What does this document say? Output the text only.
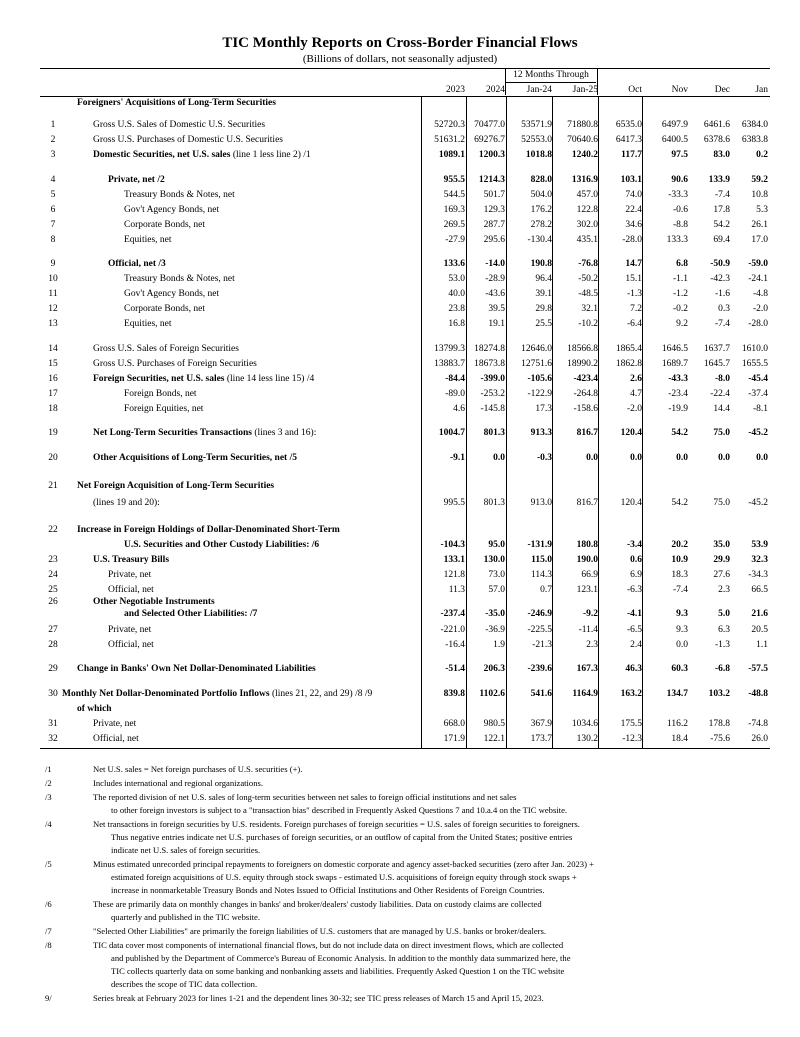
TIC Monthly Reports on Cross-Border Financial Flows
(Billions of dollars, not seasonally adjusted)
12 Months Through
2023	2024	Jan-24	Jan-25	Oct	Nov	Dec	Jan
Foreigners' Acquisitions of Long-Term Securities
1	Gross U.S. Sales of Domestic U.S. Securities	52720.3 70477.0	53571.9	71880.8	6535.0	6497.9	6461.6	6384.0
2	Gross U.S. Purchases of Domestic U.S. Securities	51631.2 69276.7	52553.0	70640.6	6417.3	6400.5	6378.6	6383.8
3	Domestic Securities, net U.S. sales (line 1 less line 2) /1	1089.1	1200.3	1018.8	1240.2	117.7	97.5	83.0	0.2
4	Private, net /2	955.5	1214.3	828.0	1316.9	103.1	90.6	133.9	59.2
5	Treasury Bonds & Notes, net	544.5	501.7	504.0	457.0	74.0	-33.3	-7.4	10.8
6	Gov't Agency Bonds, net	169.3	129.3	176.2	122.8	22.4	-0.6	17.8	5.3
7	Corporate Bonds, net	269.5	287.7	278.2	302.0	34.6	-8.8	54.2	26.1
8	Equities, net	-27.9	295.6	-130.4	435.1	-28.0	133.3	69.4	17.0
9	Official, net /3	133.6	-14.0	190.8	-76.8	14.7	6.8	-50.9	-59.0
10	Treasury Bonds & Notes, net	53.0	-28.9	96.4	-50.2	15.1	-1.1	-42.3	-24.1
11	Gov't Agency Bonds, net	40.0	-43.6	39.1	-48.5	-1.3	-1.2	-1.6	-4.8
12	Corporate Bonds, net	23.8	39.5	29.8	32.1	7.2	-0.2	0.3	-2.0
13	Equities, net	16.8	19.1	25.5	-10.2	-6.4	9.2	-7.4	-28.0
14	Gross U.S. Sales of Foreign Securities	13799.3 18274.8	12646.0	18566.8	1865.4	1646.5	1637.7	1610.0
15	Gross U.S. Purchases of Foreign Securities	13883.7 18673.8	12751.6	18990.2	1862.8	1689.7	1645.7	1655.5
16	Foreign Securities, net U.S. sales (line 14 less line 15) /4	-84.4	-399.0	-105.6	-423.4	2.6	-43.3	-8.0	-45.4
17	Foreign Bonds, net	-89.0	-253.2	-122.9	-264.8	4.7	-23.4	-22.4	-37.4
18	Foreign Equities, net	4.6	-145.8	17.3	-158.6	-2.0	-19.9	14.4	-8.1
19	Net Long-Term Securities Transactions (lines 3 and 16):	1004.7	801.3	913.3	816.7	120.4	54.2	75.0	-45.2
20	Other Acquisitions of Long-Term Securities, net /5	-9.1	0.0	-0.3	0.0	0.0	0.0	0.0	0.0
21	Net Foreign Acquisition of Long-Term Securities
(lines 19 and 20):	995.5	801.3	913.0	816.7	120.4	54.2	75.0	-45.2
22	Increase in Foreign Holdings of Dollar-Denominated Short-Term
U.S. Securities and Other Custody Liabilities: /6	-104.3	95.0	-131.9	180.8	-3.4	20.2	35.0	53.9
23	U.S. Treasury Bills	133.1	130.0	115.0	190.0	0.6	10.9	29.9	32.3
24	Private, net	121.8	73.0	114.3	66.9	6.9	18.3	27.6	-34.3
25	Official, net	11.3	57.0	0.7	123.1	-6.3	-7.4	2.3	66.5
26	Other Negotiable Instruments
and Selected Other Liabilities: /7	-237.4	-35.0	-246.9	-9.2	-4.1	9.3	5.0	21.6
27	Private, net	-221.0	-36.9	-225.5	-11.4	-6.5	9.3	6.3	20.5
28	Official, net	-16.4	1.9	-21.3	2.3	2.4	0.0	-1.3	1.1
29	Change in Banks' Own Net Dollar-Denominated Liabilities	-51.4	206.3	-239.6	167.3	46.3	60.3	-6.8	-57.5
30 Monthly Net Dollar-Denominated Portfolio Inflows (lines 21, 22, and 29) /8 /9	839.8	1102.6	541.6	1164.9	163.2	134.7	103.2	-48.8
of which
31	Private, net	668.0	980.5	367.9	1034.6	175.5	116.2	178.8	-74.8
32	Official, net	171.9	122.1	173.7	130.2	-12.3	18.4	-75.6	26.0
/1	Net U.S. sales = Net foreign purchases of U.S. securities (+).
/2	Includes international and regional organizations.
/3	The reported division of net U.S. sales of long-term securities between net sales to foreign official institutions and net sales
to other foreign investors is subject to a "transaction bias" described in Frequently Asked Questions 7 and 10.a.4 on the TIC website.
/4	Net transactions in foreign securities by U.S. residents. Foreign purchases of foreign securities = U.S. sales of foreign securities to foreigners.
Thus negative entries indicate net U.S. purchases of foreign securities, or an outflow of capital from the United States; positive entries
indicate net U.S. sales of foreign securities.
/5	Minus estimated unrecorded principal repayments to foreigners on domestic corporate and agency asset-backed securities (zero after Jan. 2023) +
estimated foreign acquisitions of U.S. equity through stock swaps - estimated U.S. acquisitions of foreign equity through stock swaps +
increase in nonmarketable Treasury Bonds and Notes Issued to Official Institutions and Other Residents of Foreign Countries.
/6	These are primarily data on monthly changes in banks' and broker/dealers' custody liabilities. Data on custody claims are collected
quarterly and published in the TIC website.
/7	"Selected Other Liabilities" are primarily the foreign liabilities of U.S. customers that are managed by U.S. banks or broker/dealers.
/8	TIC data cover most components of international financial flows, but do not include data on direct investment flows, which are collected
and published by the Department of Commerce's Bureau of Economic Analysis. In addition to the monthly data summarized here, the
TIC collects quarterly data on some banking and nonbanking assets and liabilities. Frequently Asked Question 1 on the TIC website
describes the scope of TIC data collection.
9/	Series break at February 2023 for lines 1-21 and the dependent lines 30-32; see TIC press releases of March 15 and April 15, 2023.
